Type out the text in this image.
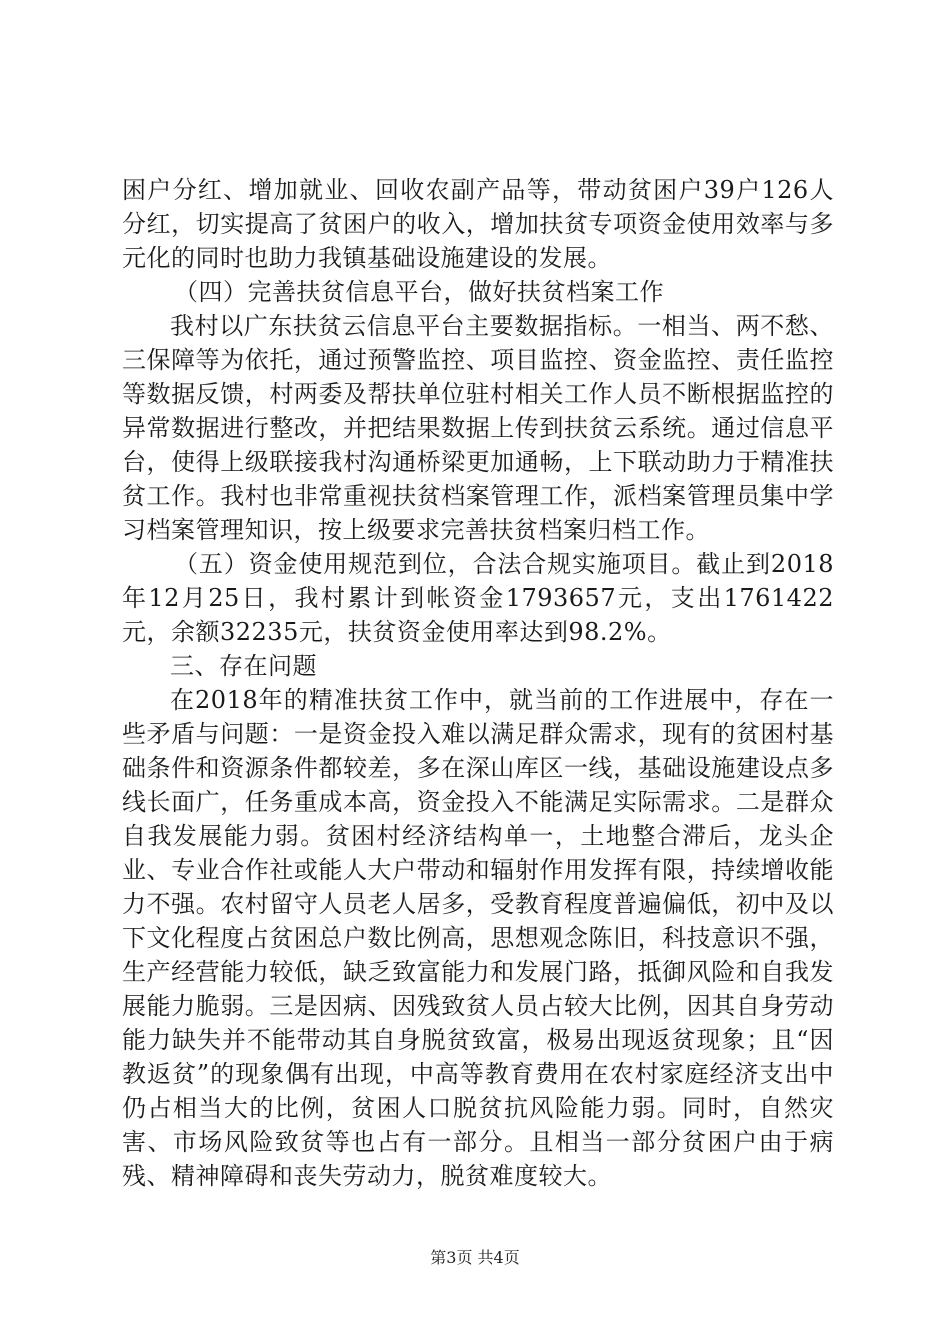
困户分红、增加就业、回收农副产品等，带动贫困户39户126人分红，切实提高了贫困户的收入，增加扶贫专项资金使用效率与多元化的同时也助力我镇基础设施建设的发展。

（四）完善扶贫信息平台，做好扶贫档案工作

我村以广东扶贫云信息平台主要数据指标。一相当、两不愁、三保障等为依托，通过预警监控、项目监控、资金监控、责任监控等数据反馈，村两委及帮扶单位驻村相关工作人员不断根据监控的异常数据进行整改，并把结果数据上传到扶贫云系统。通过信息平台，使得上级联接我村沟通桥梁更加通畅，上下联动助力于精准扶贫工作。我村也非常重视扶贫档案管理工作，派档案管理员集中学习档案管理知识，按上级要求完善扶贫档案归档工作。

（五）资金使用规范到位，合法合规实施项目。截止到2018年12月25日，我村累计到帐资金1793657元，支出1761422元，余额32235元，扶贫资金使用率达到98.2%。

三、存在问题

在2018年的精准扶贫工作中，就当前的工作进展中，存在一些矛盾与问题：一是资金投入难以满足群众需求，现有的贫困村基础条件和资源条件都较差，多在深山库区一线，基础设施建设点多线长面广，任务重成本高，资金投入不能满足实际需求。二是群众自我发展能力弱。贫困村经济结构单一，土地整合滞后，龙头企业、专业合作社或能人大户带动和辐射作用发挥有限，持续增收能力不强。农村留守人员老人居多，受教育程度普遍偏低，初中及以下文化程度占贫困总户数比例高，思想观念陈旧，科技意识不强，生产经营能力较低，缺乏致富能力和发展门路，抵御风险和自我发展能力脆弱。三是因病、因残致贫人员占较大比例，因其自身劳动能力缺失并不能带动其自身脱贫致富，极易出现返贫现象；且“因教返贫”的现象偶有出现，中高等教育费用在农村家庭经济支出中仍占相当大的比例，贫困人口脱贫抗风险能力弱。同时，自然灾害、市场风险致贫等也占有一部分。且相当一部分贫困户由于病残、精神障碍和丧失劳动力，脱贫难度较大。

第3页 共4页
